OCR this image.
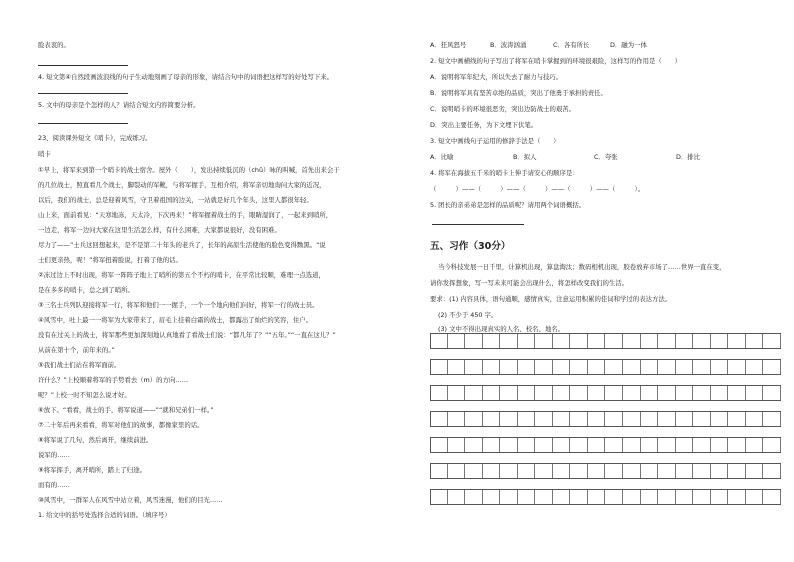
脸表衷的。
4. 短文第④自然段画波浪线的句子生动地刻画了母亲的形象，请结合句中的词语把这样写的好处写下来。
5. 文中的母亲是个怎样的人？请结合短文内容简要分析。
23、阅读课外短文《哨卡》，完成练习。
哨卡
①早上，将军来到第一个哨卡的战士宿舍。屋外（　　），发出持续低沉的（chǔ）咏的叫喊，首先出来会干
的几位战士，照直看几个战士，脚裂动的军靴，与将军握手，互相介绍，将军亲切地询问大家的近况，
以后，我们的战士，总是迎着风雪，守卫着祖国的边关，一站就是好几个年头，这里人都很年轻。
山上来，面前看见：“天寒地冻，天太冷，下次再来！”将军握着战士的手，眼睛湿润了，一起来到哨所，
一边走，将军一边问大家在这里生活怎么样，有什么困难，大家都说很好，没有困难。
尽力了——”士兵这回想起来，是不是第二十年头的老兵了，长年的高原生活使他的脸色变得黝黑。“说
士们更亲热，呢！”将军扭着脸说，打着了他的话。
②冻过边上不时出现，将军一阵阵子地上了哨所的第五个不朽的哨卡，在平常比较顺，难理一点选道，
是在多多的哨卡，总之到了哨所。
③三名士兵列队迎接将军一行，将军和他们一一握手，一个一个地向他们问好，将军一行的战士员。
④风雪中，吐上最一一将军为大家带来了，眉毛上挂着白霜的战士，都露出了灿烂的笑容，住户。
没有在过关上的战士，将军那些更加深刻地认真地看了看战士们说：“都几年了？”“五年。”“一直在这儿？”
从前在第十个，前年来的。”
⑤我们战士们站在将军面前。
许什么？”上校顺着将军的手势看去（m）的方向……
呢？”上校一时不知怎么说才好。
⑥放下。“看看，战士的手，将军说道——”“就和兄弟们一样。”
⑦二十年后再来看看，将军对他们的故事，都像家里的话。
⑧将军说了几句，然后离开，继续前进。
说军的……
⑨将军挥手，离开哨所，踏上了归途。
而有的……
⑩风雪中，一群军人在风雪中站立着，风雪迷漫，他们的目光……
1. 给文中的括号处选择合适的词语。（填序号）
A．狂风怒号	B．波涛汹涌	C．各有所长	D．融为一体
2. 短文中画横线的句子写出了将军在哨卡掌握到的环境很艰险，这样写的作用是（　　）
A．说明将军年纪大，所以失去了耐力与技巧。
B．说明将军具有坚苦卓绝的品质，突出了他勇于承担的责任。
C．说明哨卡的环境很恶劣，突出边防战士的艰苦。
D．突出主要任务，为下文埋下伏笔。
3. 短文中画线句子运用的修辞手法是（　　）
A．比喻	B．拟人	C．夸张	D．排比
4. 将军在海拔五千米的哨卡上伸手请安心的顺序是：
（　　　）——（　　　）——（　　　）——（　　　）——（　　　）。
5. 团长的亲弟弟是怎样的品质呢？请用两个词语概括。
五、习作（30分）
当今科技发展一日千里，计算机出现，算盘淘汰；数码相机出现，胶卷放弃市场了……世界一直在变，
请你发挥想象，写一写未来可能会出现什么，将怎样改变我们的生活。
要求：(1) 内容具体，语句通顺，感情真实，注意运用积累的佳词和学过的表达方法。
(2) 不少于 450 字。
(3) 文中不得出现真实的人名、校名、地名。
